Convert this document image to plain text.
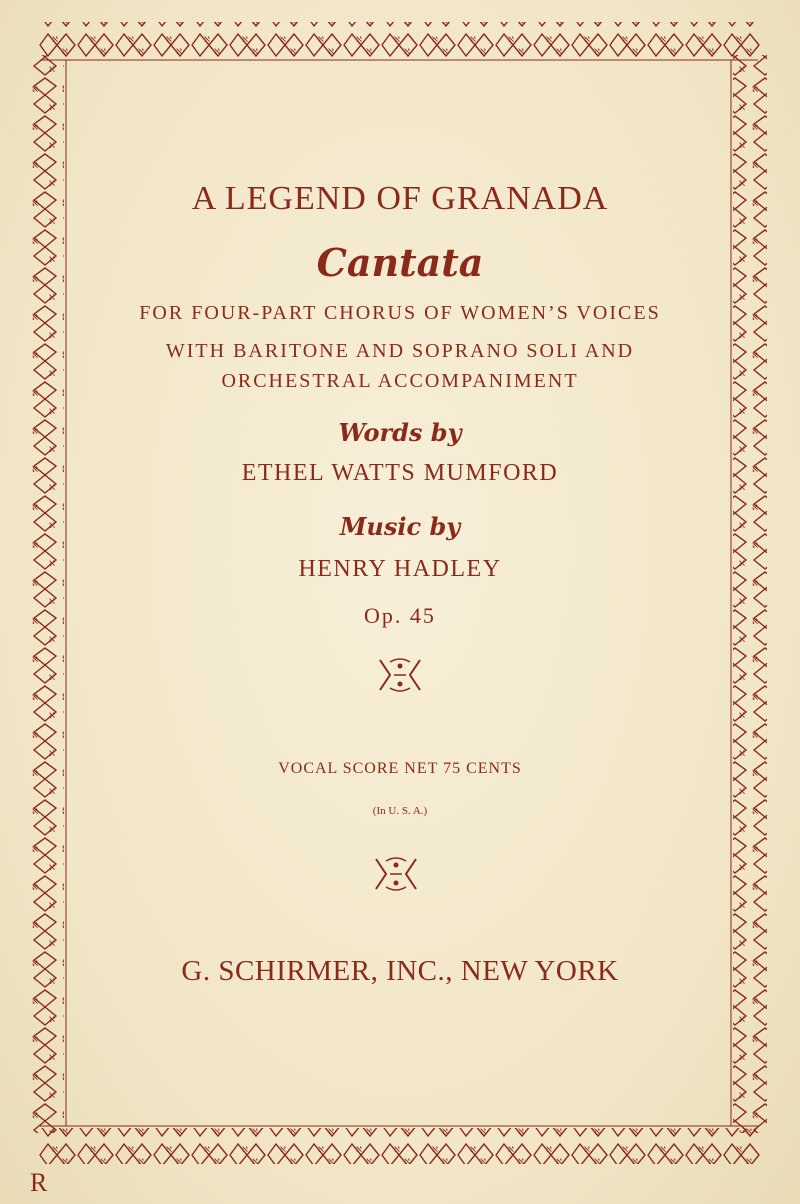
A LEGEND OF GRANADA
Cantata
FOR FOUR-PART CHORUS OF WOMEN’S VOICES
WITH BARITONE AND SOPRANO SOLI AND
ORCHESTRAL ACCOMPANIMENT
Words by
ETHEL WATTS MUMFORD
Music by
HENRY HADLEY
Op. 45
VOCAL SCORE NET 75 CENTS
(In U. S. A.)
G. SCHIRMER, INC., NEW YORK
R
